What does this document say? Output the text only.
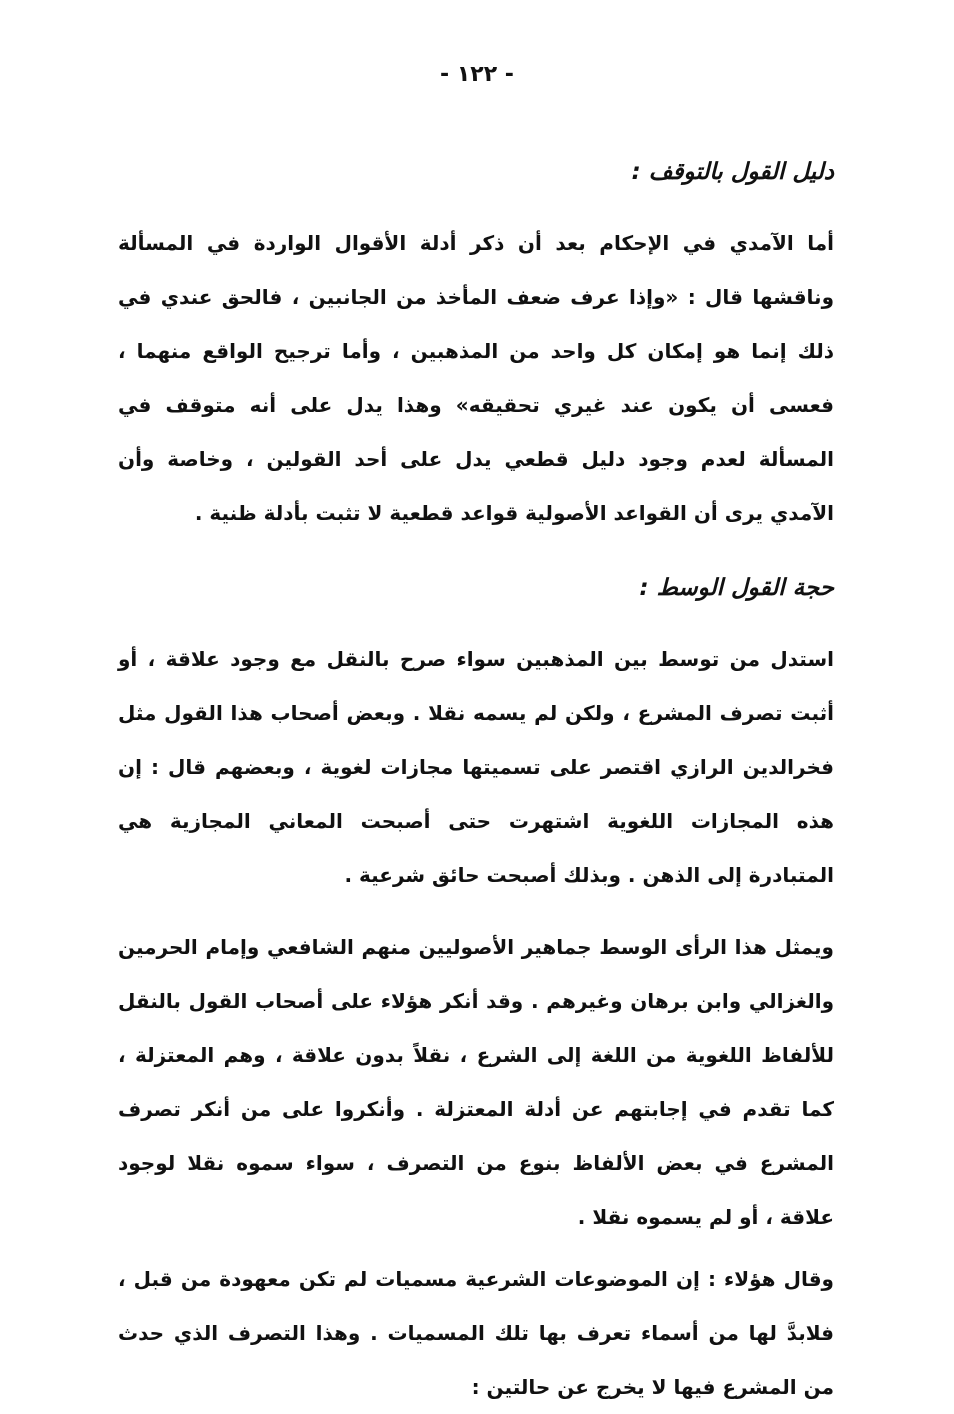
- ١٢٢ -
دليل القول بالتوقف :

أما الآمدي في الإحكام بعد أن ذكر أدلة الأقوال الواردة في المسألة وناقشها قال : «وإذا عرف ضعف المأخذ من الجانبين ، فالحق عندي في ذلك إنما هو إمكان كل واحد من المذهبين ، وأما ترجيح الواقع منهما ، فعسى أن يكون عند غيري تحقيقه» وهذا يدل على أنه متوقف في المسألة لعدم وجود دليل قطعي يدل على أحد القولين ، وخاصة وأن الآمدي يرى أن القواعد الأصولية قواعد قطعية لا تثبت بأدلة ظنية .

حجة القول الوسط :

استدل من توسط بين المذهبين سواء صرح بالنقل مع وجود علاقة ، أو أثبت تصرف المشرع ، ولكن لم يسمه نقلا . وبعض أصحاب هذا القول مثل فخرالدين الرازي اقتصر على تسميتها مجازات لغوية ، وبعضهم قال : إن هذه المجازات اللغوية اشتهرت حتى أصبحت المعاني المجازية هي المتبادرة إلى الذهن . وبذلك أصبحت حائق شرعية .

ويمثل هذا الرأى الوسط جماهير الأصوليين منهم الشافعي وإمام الحرمين والغزالي وابن برهان وغيرهم . وقد أنكر هؤلاء على أصحاب القول بالنقل للألفاظ اللغوية من اللغة إلى الشرع ، نقلاً بدون علاقة ، وهم المعتزلة ، كما تقدم في إجابتهم عن أدلة المعتزلة . وأنكروا على من أنكر تصرف المشرع في بعض الألفاظ بنوع من التصرف ، سواء سموه نقلا لوجود علاقة ، أو لم يسموه نقلا .

وقال هؤلاء : إن الموضوعات الشرعية مسميات لم تكن معهودة من قبل ، فلابدَّ لها من أسماء تعرف بها تلك المسميات . وهذا التصرف الذي حدث من المشرع فيها لا يخرج عن حالتين :
